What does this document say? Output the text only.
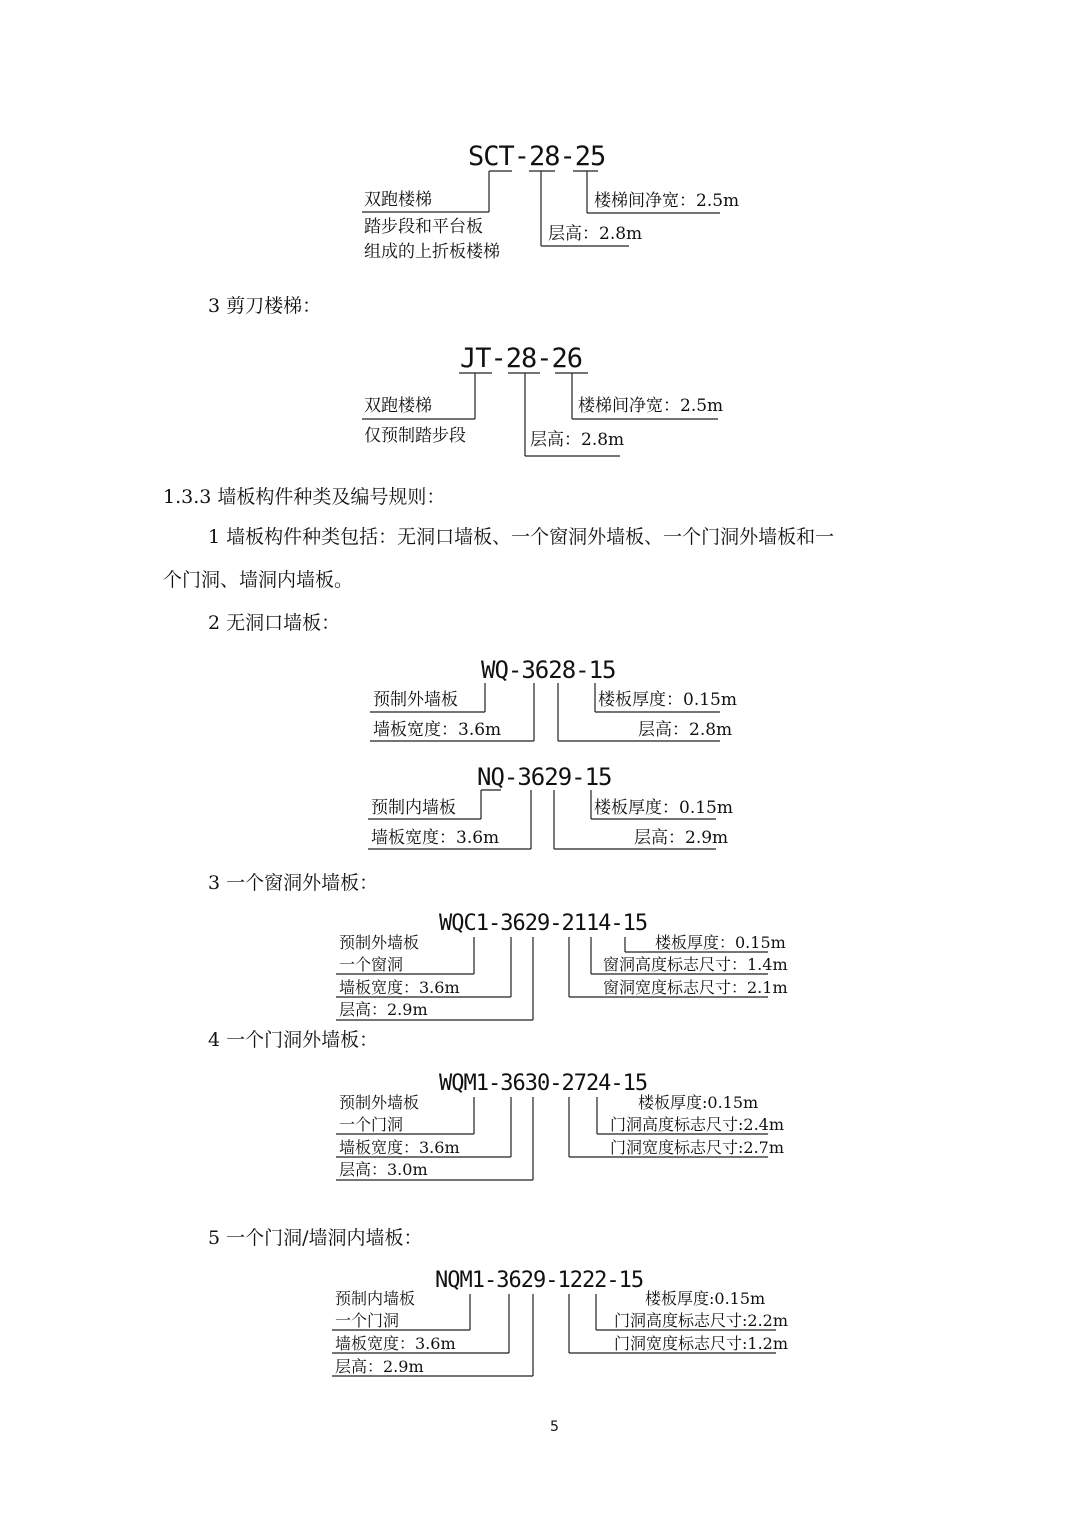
SCT-28-25
双跑楼梯
踏步段和平台板
组成的上折板楼梯
楼梯间净宽：2.5m
层高：2.8m
3 剪刀楼梯：
JT-28-26
双跑楼梯
仅预制踏步段
楼梯间净宽：2.5m
层高：2.8m
1.3.3 墙板构件种类及编号规则：
1 墙板构件种类包括：无洞口墙板、一个窗洞外墙板、一个门洞外墙板和一
个门洞、墙洞内墙板。
2 无洞口墙板：
WQ-3628-15
预制外墙板
墙板宽度：3.6m
楼板厚度：0.15m
层高：2.8m
NQ-3629-15
预制内墙板
墙板宽度：3.6m
楼板厚度：0.15m
层高：2.9m
3 一个窗洞外墙板：
WQC1-3629-2114-15
预制外墙板
一个窗洞
墙板宽度：3.6m
层高：2.9m
楼板厚度：0.15m
窗洞高度标志尺寸：1.4m
窗洞宽度标志尺寸：2.1m
4 一个门洞外墙板：
WQM1-3630-2724-15
预制外墙板
一个门洞
墙板宽度：3.6m
层高：3.0m
楼板厚度:0.15m
门洞高度标志尺寸:2.4m
门洞宽度标志尺寸:2.7m
5 一个门洞/墙洞内墙板：
NQM1-3629-1222-15
预制内墙板
一个门洞
墙板宽度：3.6m
层高：2.9m
楼板厚度:0.15m
门洞高度标志尺寸:2.2m
门洞宽度标志尺寸:1.2m
5
